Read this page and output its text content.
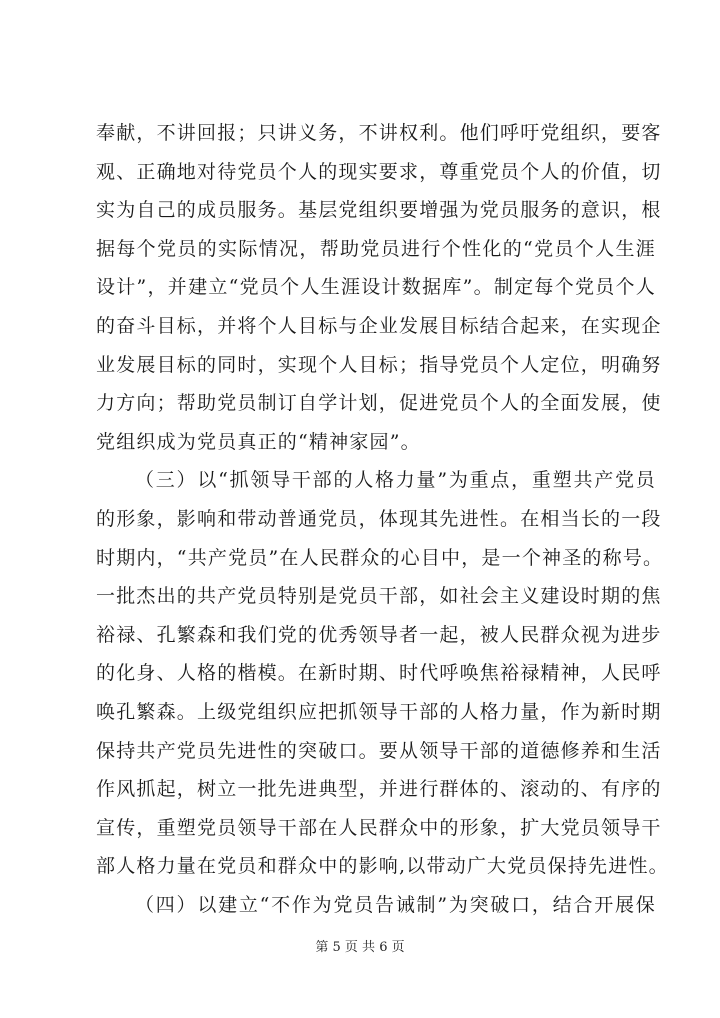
奉献，不讲回报；只讲义务，不讲权利。他们呼吁党组织，要客
观、正确地对待党员个人的现实要求，尊重党员个人的价值，切
实为自己的成员服务。基层党组织要增强为党员服务的意识，根
据每个党员的实际情况，帮助党员进行个性化的“党员个人生涯
设计”，并建立“党员个人生涯设计数据库”。制定每个党员个人
的奋斗目标，并将个人目标与企业发展目标结合起来，在实现企
业发展目标的同时，实现个人目标；指导党员个人定位，明确努
力方向；帮助党员制订自学计划，促进党员个人的全面发展，使
党组织成为党员真正的“精神家园”。
（三）以“抓领导干部的人格力量”为重点，重塑共产党员
的形象，影响和带动普通党员，体现其先进性。在相当长的一段
时期内，“共产党员”在人民群众的心目中，是一个神圣的称号。
一批杰出的共产党员特别是党员干部，如社会主义建设时期的焦
裕禄、孔繁森和我们党的优秀领导者一起，被人民群众视为进步
的化身、人格的楷模。在新时期、时代呼唤焦裕禄精神，人民呼
唤孔繁森。上级党组织应把抓领导干部的人格力量，作为新时期
保持共产党员先进性的突破口。要从领导干部的道德修养和生活
作风抓起，树立一批先进典型，并进行群体的、滚动的、有序的
宣传，重塑党员领导干部在人民群众中的形象，扩大党员领导干
部人格力量在党员和群众中的影响,以带动广大党员保持先进性。
（四）以建立“不作为党员告诫制”为突破口，结合开展保
第 5 页 共 6 页
